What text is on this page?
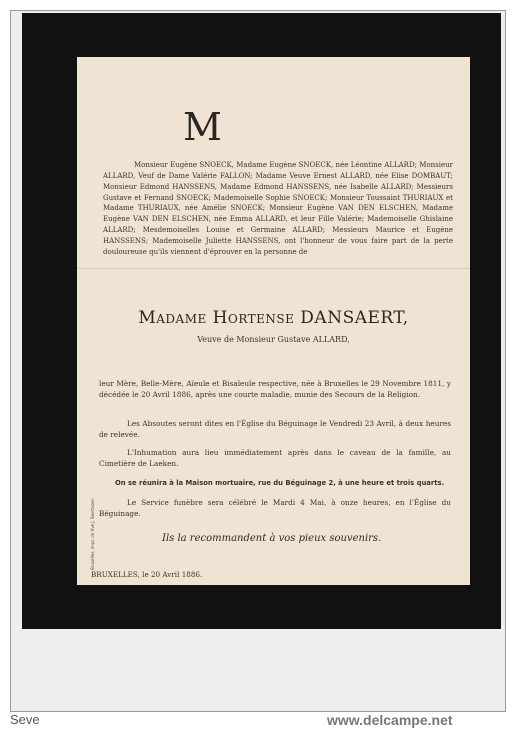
M
Monsieur Eugène SNOECK, Madame Eugène SNOECK, née Léontine ALLARD; Monsieur ALLARD, Veuf de Dame Valérie FALLON; Madame Veuve Ernest ALLARD, née Elise DOMBAUT; Monsieur Edmond HANSSENS, Madame Edmond HANSSENS, née Isabelle ALLARD; Messieurs Gustave et Fernand SNOECK; Mademoiselle Sophie SNOECK; Monsieur Toussaint THURIAUX et Madame THURIAUX, née Amélie SNOECK; Monsieur Eugène VAN DEN ELSCHEN, Madame Eugène VAN DEN ELSCHEN, née Emma ALLARD, et leur Fille Valérie; Mademoiselle Ghislaine ALLARD; Mesdemoiselles Louise et Germaine ALLARD; Messieurs Maurice et Eugène HANSSENS; Mademoiselle Juliette HANSSENS, ont l'honneur de vous faire part de la perte douloureuse qu'ils viennent d'éprouver en la personne de
Madame Hortense DANSAERT,
Veuve de Monsieur Gustave ALLARD,
leur Mère, Belle-Mère, Aïeule et Bisaïeule respective, née à Bruxelles le 29 Novembre 1811, y décédée le 20 Avril 1886, après une courte maladie, munie des Secours de la Religion.
Les Absoutes seront dites en l'Église du Béguinage le Vendredi 23 Avril, à deux heures de relevée.
L'Inhumation aura lieu immédiatement après dans le caveau de la famille, au Cimetière de Laeken.
On se réunira à la Maison mortuaire, rue du Béguinage 2, à une heure et trois quarts.
Le Service funèbre sera célébré le Mardi 4 Mai, à onze heures, en l'Église du Béguinage.
Ils la recommandent à vos pieux souvenirs.
Bruxelles, impr. de Vve J. Baertsoen
BRUXELLES, le 20 Avril 1886.
Seve	www.delcampe.net
